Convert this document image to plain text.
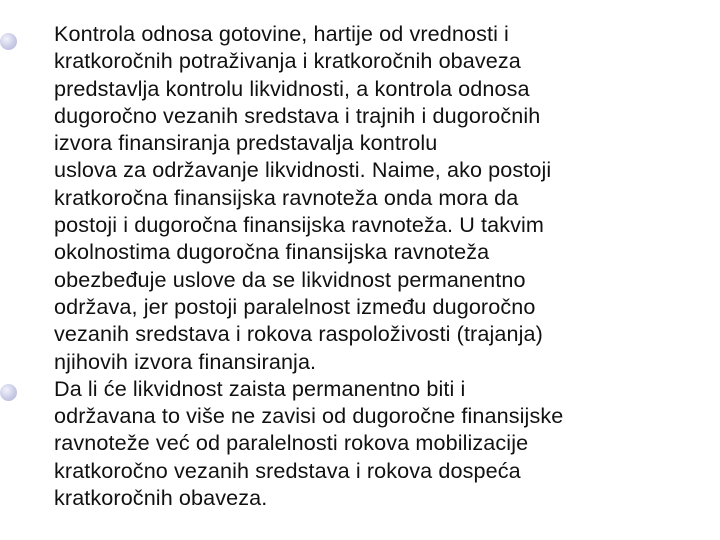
Kontrola odnosa gotovine, hartije od vrednosti i
kratkoročnih potraživanja i kratkoročnih obaveza
predstavlja kontrolu likvidnosti, a kontrola odnosa
dugoročno vezanih sredstava i trajnih i dugoročnih
izvora finansiranja predstavalja kontrolu
uslova za održavanje likvidnosti. Naime, ako postoji
kratkoročna finansijska ravnoteža onda mora da
postoji i dugoročna finansijska ravnoteža. U takvim
okolnostima dugoročna finansijska ravnoteža
obezbeđuje uslove da se likvidnost permanentno
održava, jer postoji paralelnost između dugoročno
vezanih sredstava i rokova raspoloživosti (trajanja)
njihovih izvora finansiranja.
Da li će likvidnost zaista permanentno biti i
održavana to više ne zavisi od dugoročne finansijske
ravnoteže već od paralelnosti rokova mobilizacije
kratkoročno vezanih sredstava i rokova dospeća
kratkoročnih obaveza.
